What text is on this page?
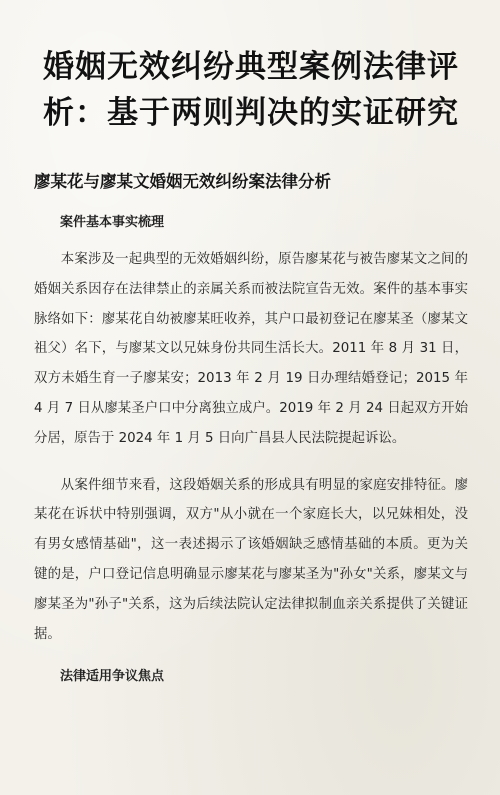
婚姻无效纠纷典型案例法律评析：基于两则判决的实证研究
廖某花与廖某文婚姻无效纠纷案法律分析
案件基本事实梳理

本案涉及一起典型的无效婚姻纠纷，原告廖某花与被告廖某文之间的婚姻关系因存在法律禁止的亲属关系而被法院宣告无效。案件的基本事实脉络如下：廖某花自幼被廖某旺收养，其户口最初登记在廖某圣（廖某文祖父）名下，与廖某文以兄妹身份共同生活长大。2011 年 8 月 31 日，双方未婚生育一子廖某安；2013 年 2 月 19 日办理结婚登记；2015 年 4 月 7 日从廖某圣户口中分离独立成户。2019 年 2 月 24 日起双方开始分居，原告于 2024 年 1 月 5 日向广昌县人民法院提起诉讼。

从案件细节来看，这段婚姻关系的形成具有明显的家庭安排特征。廖某花在诉状中特别强调，双方"从小就在一个家庭长大，以兄妹相处，没有男女感情基础"，这一表述揭示了该婚姻缺乏感情基础的本质。更为关键的是，户口登记信息明确显示廖某花与廖某圣为"孙女"关系，廖某文与廖某圣为"孙子"关系，这为后续法院认定法律拟制血亲关系提供了关键证据。

法律适用争议焦点
